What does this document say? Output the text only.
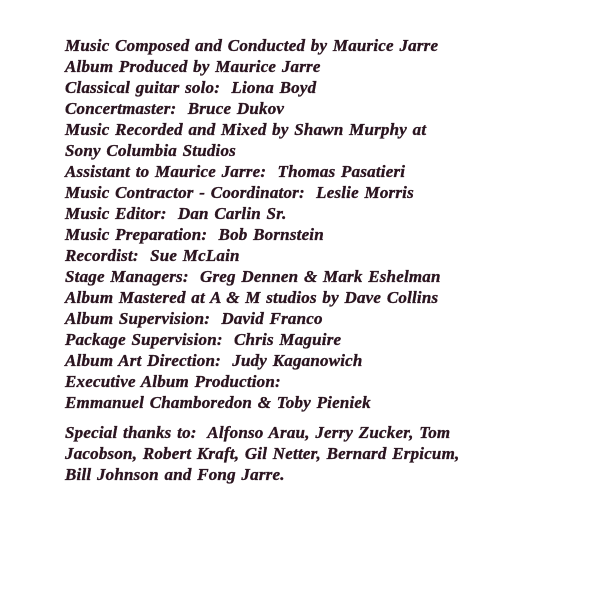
Music Composed and Conducted by Maurice Jarre
Album Produced by Maurice Jarre
Classical guitar solo:  Liona Boyd
Concertmaster:  Bruce Dukov
Music Recorded and Mixed by Shawn Murphy at
Sony Columbia Studios
Assistant to Maurice Jarre:  Thomas Pasatieri
Music Contractor - Coordinator:  Leslie Morris
Music Editor:  Dan Carlin Sr.
Music Preparation:  Bob Bornstein
Recordist:  Sue McLain
Stage Managers:  Greg Dennen & Mark Eshelman
Album Mastered at A & M studios by Dave Collins
Album Supervision:  David Franco
Package Supervision:  Chris Maguire
Album Art Direction:  Judy Kaganowich
Executive Album Production:
Emmanuel Chamboredon & Toby Pieniek
Special thanks to:  Alfonso Arau, Jerry Zucker, Tom
Jacobson, Robert Kraft, Gil Netter, Bernard Erpicum,
Bill Johnson and Fong Jarre.
